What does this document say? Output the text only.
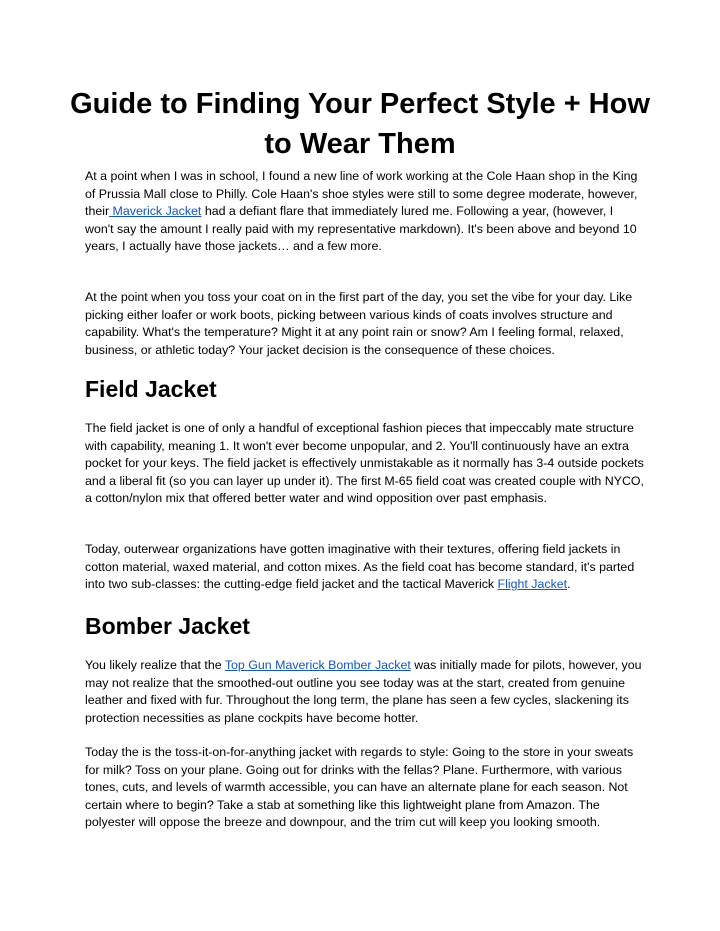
Guide to Finding Your Perfect Style + How to Wear Them

At a point when I was in school, I found a new line of work working at the Cole Haan shop in the King of Prussia Mall close to Philly. Cole Haan's shoe styles were still to some degree moderate, however, their Maverick Jacket had a defiant flare that immediately lured me. Following a year, (however, I won't say the amount I really paid with my representative markdown). It's been above and beyond 10 years, I actually have those jackets… and a few more.

At the point when you toss your coat on in the first part of the day, you set the vibe for your day. Like picking either loafer or work boots, picking between various kinds of coats involves structure and capability. What's the temperature? Might it at any point rain or snow? Am I feeling formal, relaxed, business, or athletic today? Your jacket decision is the consequence of these choices.

Field Jacket

The field jacket is one of only a handful of exceptional fashion pieces that impeccably mate structure with capability, meaning 1. It won't ever become unpopular, and 2. You'll continuously have an extra pocket for your keys. The field jacket is effectively unmistakable as it normally has 3-4 outside pockets and a liberal fit (so you can layer up under it). The first M-65 field coat was created couple with NYCO, a cotton/nylon mix that offered better water and wind opposition over past emphasis.

Today, outerwear organizations have gotten imaginative with their textures, offering field jackets in cotton material, waxed material, and cotton mixes. As the field coat has become standard, it's parted into two sub-classes: the cutting-edge field jacket and the tactical Maverick Flight Jacket.

Bomber Jacket

You likely realize that the Top Gun Maverick Bomber Jacket was initially made for pilots, however, you may not realize that the smoothed-out outline you see today was at the start, created from genuine leather and fixed with fur. Throughout the long term, the plane has seen a few cycles, slackening its protection necessities as plane cockpits have become hotter.

Today the is the toss-it-on-for-anything jacket with regards to style: Going to the store in your sweats for milk? Toss on your plane. Going out for drinks with the fellas? Plane. Furthermore, with various tones, cuts, and levels of warmth accessible, you can have an alternate plane for each season. Not certain where to begin? Take a stab at something like this lightweight plane from Amazon. The polyester will oppose the breeze and downpour, and the trim cut will keep you looking smooth.
